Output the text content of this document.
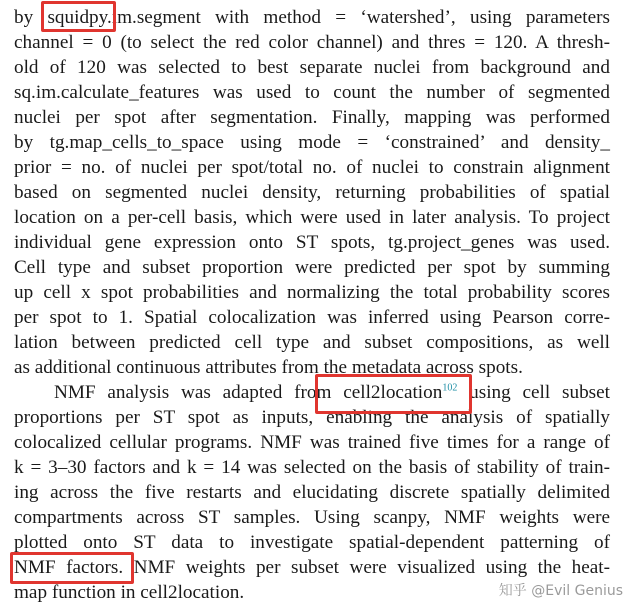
by squidpy.im.segment with method = ‘watershed’, using parameters
channel = 0 (to select the red color channel) and thres = 120. A thresh-
old of 120 was selected to best separate nuclei from background and
sq.im.calculate_features was used to count the number of segmented
nuclei per spot after segmentation. Finally, mapping was performed
by tg.map_cells_to_space using mode = ‘constrained’ and density_
prior = no. of nuclei per spot/total no. of nuclei to constrain alignment
based on segmented nuclei density, returning probabilities of spatial
location on a per-cell basis, which were used in later analysis. To project
individual gene expression onto ST spots, tg.project_genes was used.
Cell type and subset proportion were predicted per spot by summing
up cell x spot probabilities and normalizing the total probability scores
per spot to 1. Spatial colocalization was inferred using Pearson corre-
lation between predicted cell type and subset compositions, as well
as additional continuous attributes from the metadata across spots.
NMF analysis was adapted from cell2location$^{102}$ using cell subset
proportions per ST spot as inputs, enabling the analysis of spatially
colocalized cellular programs. NMF was trained five times for a range of
k = 3–30 factors and k = 14 was selected on the basis of stability of train-
ing across the five restarts and elucidating discrete spatially delimited
compartments across ST samples. Using scanpy, NMF weights were
plotted onto ST data to investigate spatial-dependent patterning of
NMF factors. NMF weights per subset were visualized using the heat-
map function in cell2location.	知乎 @Evil Genius
